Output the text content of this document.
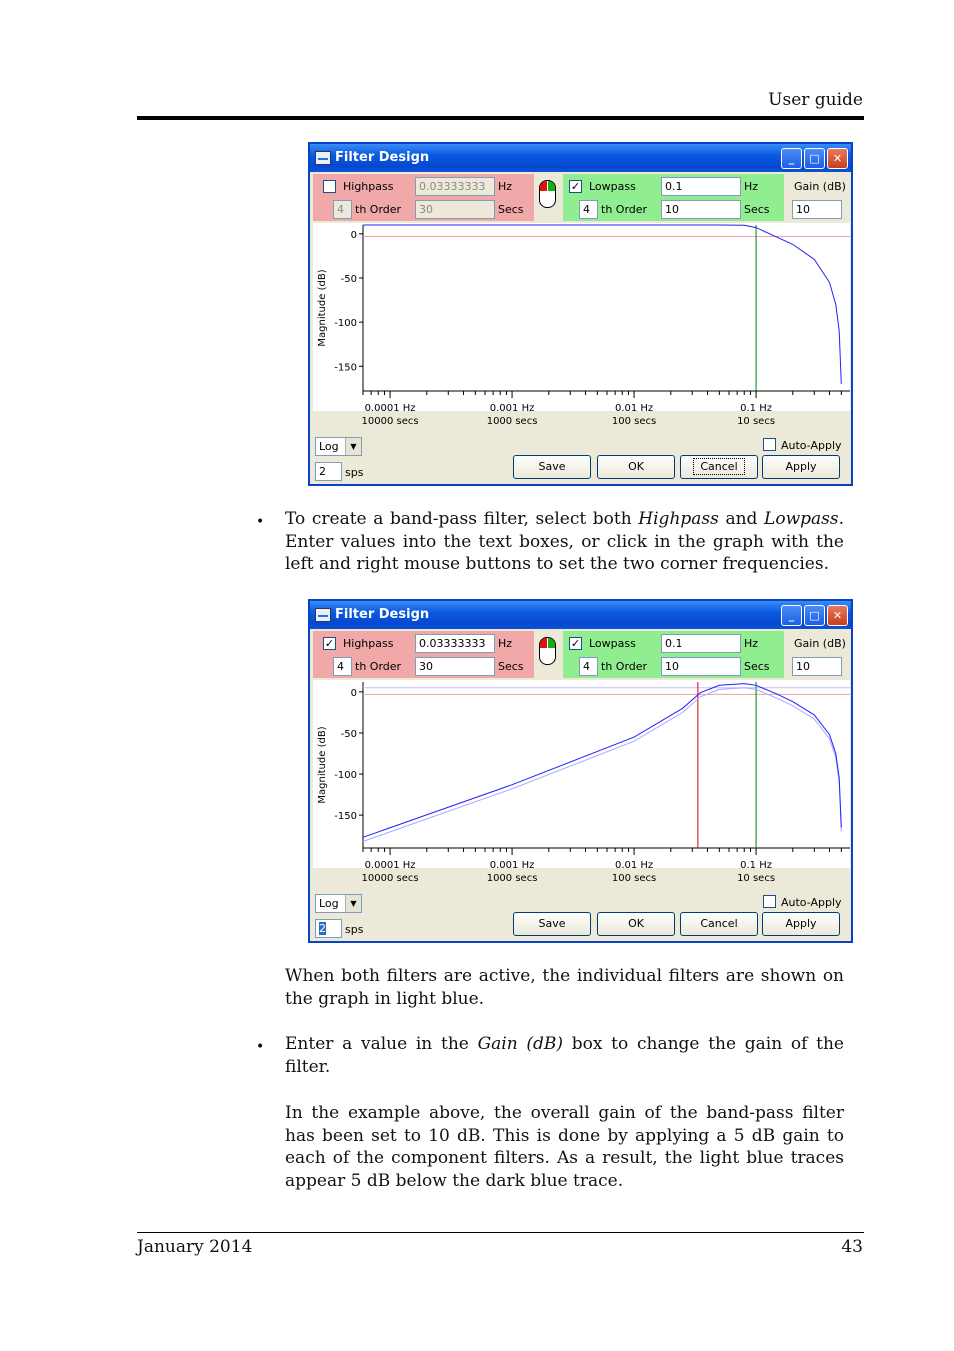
User guide
Filter Design	_	□	✕
Highpass
4	th Order
0.03333333	Hz
30	Secs
✓ Lowpass
4	th Order
0.1	Hz
10	Secs
Gain (dB)
10
0
-50
-100
-150
Magnitude (dB)
0.0001 Hz
10000 secs
0.001 Hz
1000 secs
0.01 Hz
100 secs
0.1 Hz
10 secs
Log	▼
2	sps
Auto-Apply
Save	OK	Cancel	Apply
• To create a band-pass filter, select both Highpass and Lowpass. Enter values into the text boxes, or click in the graph with the left and right mouse buttons to set the two corner frequencies.
Filter Design	_	□	✕
✓ Highpass
4	th Order
0.03333333	Hz
30	Secs
✓ Lowpass
4	th Order
0.1	Hz
10	Secs
Gain (dB)
10
0
-50
-100
-150
Magnitude (dB)
0.0001 Hz
10000 secs
0.001 Hz
1000 secs
0.01 Hz
100 secs
0.1 Hz
10 secs
Log	▼
2	sps
Auto-Apply
Save	OK	Cancel	Apply
When both filters are active, the individual filters are shown on the graph in light blue.
• Enter a value in the Gain (dB) box to change the gain of the filter.
In the example above, the overall gain of the band-pass filter has been set to 10 dB. This is done by applying a 5 dB gain to each of the component filters. As a result, the light blue traces appear 5 dB below the dark blue trace.
January 2014	43
